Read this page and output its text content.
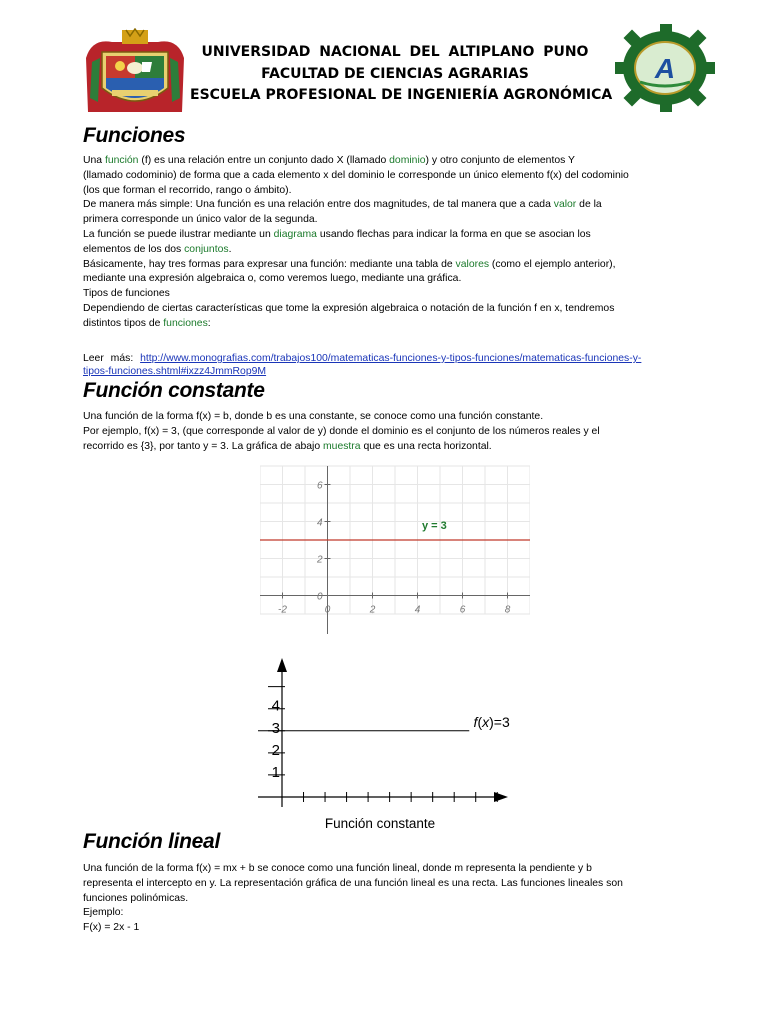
UNIVERSIDAD NACIONAL DEL ALTIPLANO PUNO
FACULTAD DE CIENCIAS AGRARIAS
ESCUELA PROFESIONAL DE INGENIERÍA AGRONÓMICA
A
Funciones
Una función (f) es una relación entre un conjunto dado X (llamado dominio) y otro conjunto de elementos Y
(llamado codominio) de forma que a cada elemento x del dominio le corresponde un único elemento f(x) del codominio
(los que forman el recorrido, rango o ámbito).
De manera más simple: Una función es una relación entre dos magnitudes, de tal manera que a cada valor de la
primera corresponde un único valor de la segunda.
La función se puede ilustrar mediante un diagrama usando flechas para indicar la forma en que se asocian los
elementos de los dos conjuntos.
Básicamente, hay tres formas para expresar una función: mediante una tabla de valores (como el ejemplo anterior),
mediante una expresión algebraica o, como veremos luego, mediante una gráfica.
Tipos de funciones
Dependiendo de ciertas características que tome la expresión algebraica o notación de la función f en x, tendremos
distintos tipos de funciones:
Leer más: http://www.monografias.com/trabajos100/matematicas-funciones-y-tipos-funciones/matematicas-funciones-y-
tipos-funciones.shtml#ixzz4JmmRop9M
Función constante
Una función de la forma f(x) = b, donde b es una constante, se conoce como una función constante.
Por ejemplo, f(x) = 3, (que corresponde al valor de y) donde el dominio es el conjunto de los números reales y el
recorrido es {3}, por tanto y = 3. La gráfica de abajo muestra que es una recta horizontal.
-2	0	2	4	6	8
0
2
4
6
y = 3
1
2
3
4
f(x)=3
Función constante
Función lineal
Una función de la forma f(x) = mx + b se conoce como una función lineal, donde m representa la pendiente y b
representa el intercepto en y. La representación gráfica de una función lineal es una recta. Las funciones lineales son
funciones polinómicas.
Ejemplo:
F(x) = 2x - 1
